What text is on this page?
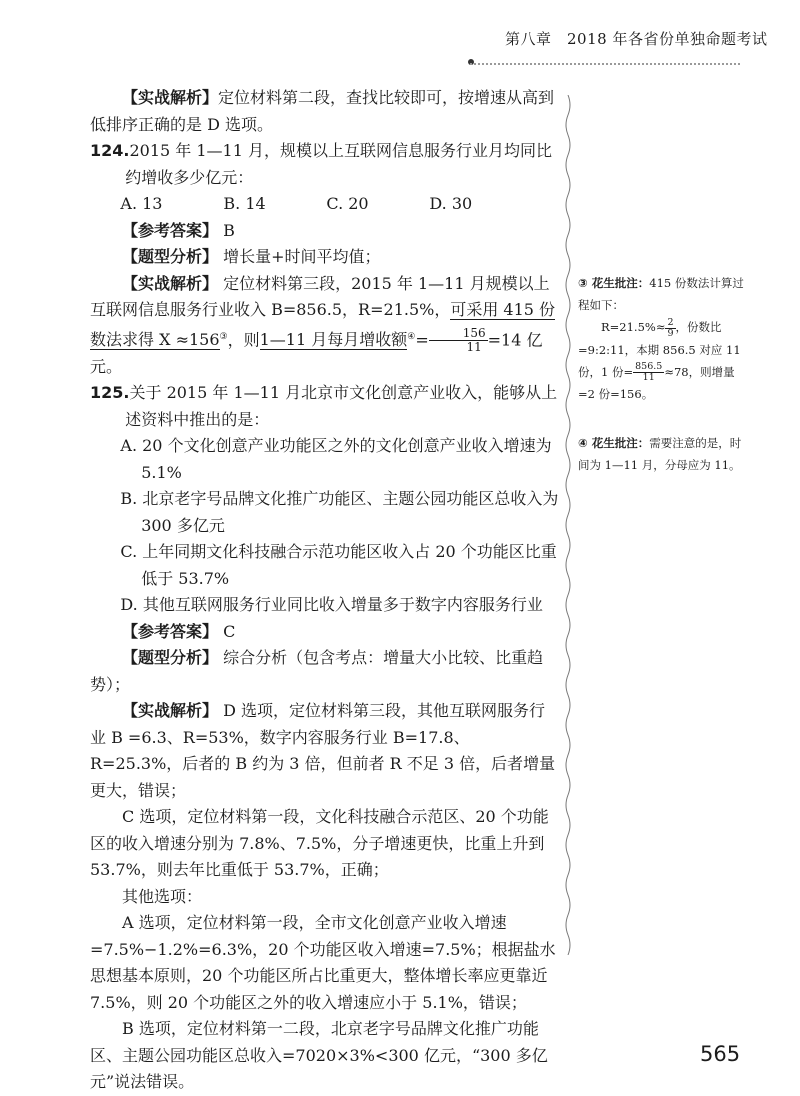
第八章　2018 年各省份单独命题考试

【实战解析】定位材料第二段，查找比较即可，按增速从高到低排序正确的是 D 选项。

124.2015 年 1—11 月，规模以上互联网信息服务行业月均同比约增收多少亿元：

A. 13	B. 14	C. 20	D. 30

【参考答案】 B

【题型分析】 增长量+时间平均值；

【实战解析】 定位材料第三段，2015 年 1—11 月规模以上互联网信息服务行业收入 B=856.5，R=21.5%，可采用 415 份数法求得 X ≈156③，则1—11 月每月增收额$^④= \frac{156}{11} =14$ 亿元。

125.关于 2015 年 1—11 月北京市文化创意产业收入，能够从上述资料中推出的是：

A. 20 个文化创意产业功能区之外的文化创意产业收入增速为 5.1%

B. 北京老字号品牌文化推广功能区、主题公园功能区总收入为 300 多亿元

C. 上年同期文化科技融合示范功能区收入占 20 个功能区比重低于 53.7%

D. 其他互联网服务行业同比收入增量多于数字内容服务行业

【参考答案】 C

【题型分析】 综合分析（包含考点：增量大小比较、比重趋势）；

【实战解析】 D 选项，定位材料第三段，其他互联网服务行业 B =6.3、R=53%，数字内容服务行业 B=17.8、R=25.3%，后者的 B 约为 3 倍，但前者 R 不足 3 倍，后者增量更大，错误；

C 选项，定位材料第一段，文化科技融合示范区、20 个功能区的收入增速分别为 7.8%、7.5%，分子增速更快，比重上升到 53.7%，则去年比重低于 53.7%，正确；

其他选项：

A 选项，定位材料第一段，全市文化创意产业收入增速=7.5%−1.2%=6.3%，20 个功能区收入增速=7.5%；根据盐水思想基本原则，20 个功能区所占比重更大，整体增长率应更靠近 7.5%，则 20 个功能区之外的收入增速应小于 5.1%，错误；

B 选项，定位材料第一二段，北京老字号品牌文化推广功能区、主题公园功能区总收入=7020×3%<300 亿元，“300 多亿元”说法错误。

③ 花生批注：415 份数法计算过程如下：
$R=21.5\%\approx \frac{2}{9}$ ，份数比=9:2:11，本期 856.5 对应 11 份，1 份= $\frac{856.5}{11} \approx 78$，则增量=2 份=156。
④ 花生批注：需要注意的是，时间为 1—11 月，分母应为 11。
565
